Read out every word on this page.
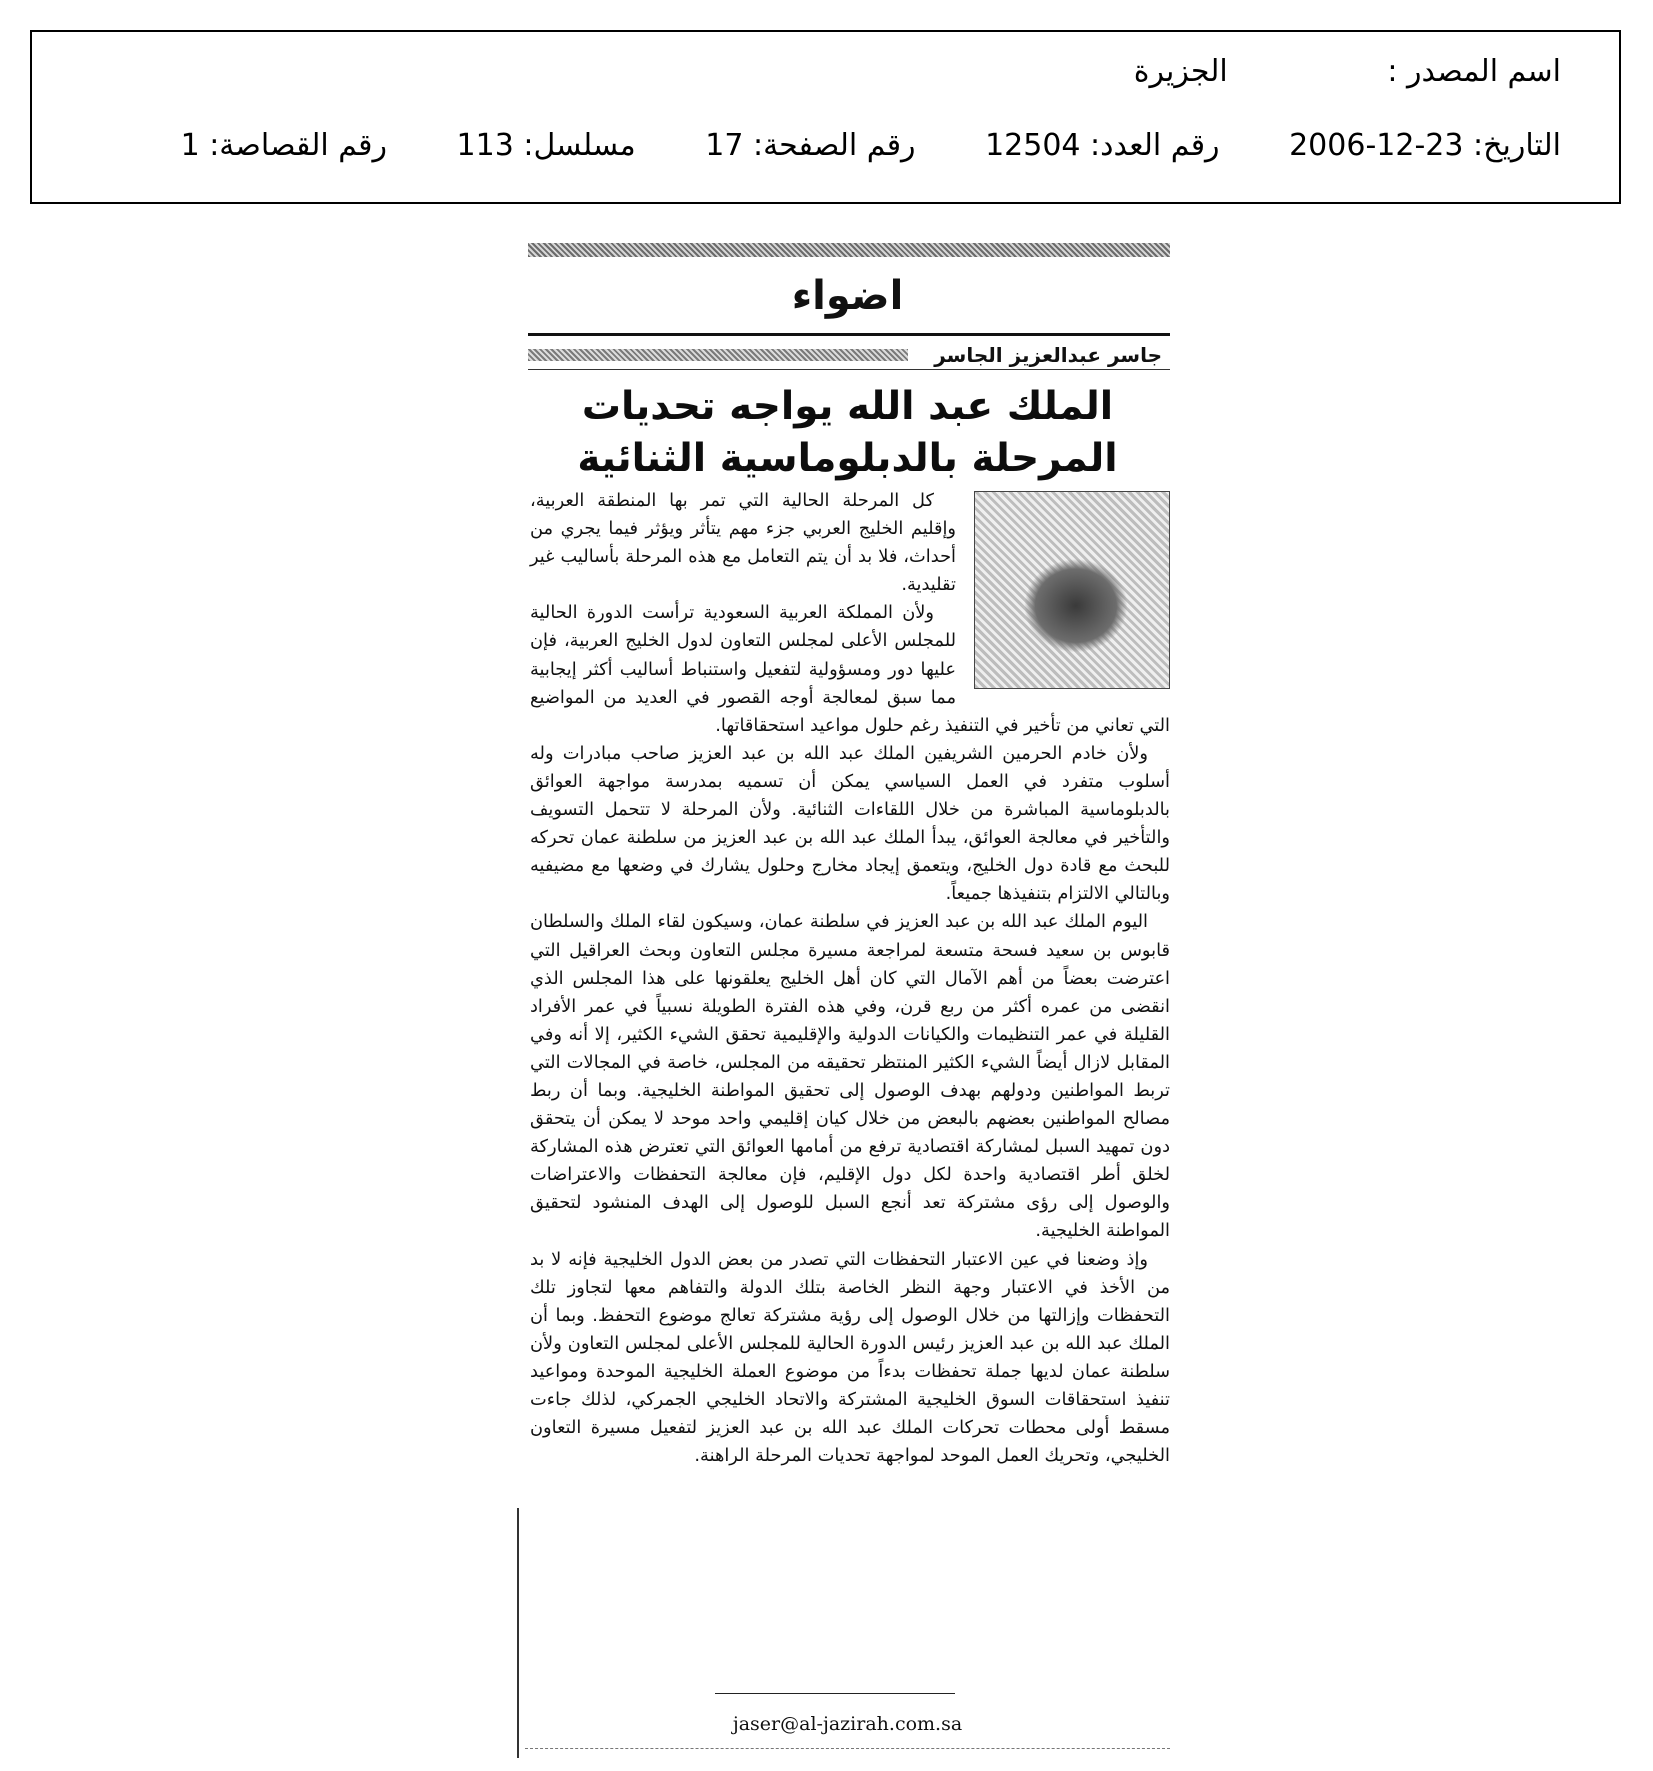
اسم المصدر : الجزيرة
التاريخ: 23-12-2006 رقم العدد: 12504 رقم الصفحة: 17 مسلسل: 113 رقم القصاصة: 1
اضواء
جاسر عبدالعزيز الجاسر
الملك عبد الله يواجه تحديات
المرحلة بالدبلوماسية الثنائية

كل المرحلة الحالية التي تمر بها المنطقة العربية، وإقليم الخليج العربي جزء مهم يتأثر ويؤثر فيما يجري من أحداث، فلا بد أن يتم التعامل مع هذه المرحلة بأساليب غير تقليدية.

ولأن المملكة العربية السعودية ترأست الدورة الحالية للمجلس الأعلى لمجلس التعاون لدول الخليج العربية، فإن عليها دور ومسؤولية لتفعيل واستنباط أساليب أكثر إيجابية مما سبق لمعالجة أوجه القصور في العديد من المواضيع التي تعاني من تأخير في التنفيذ رغم حلول مواعيد استحقاقاتها.

ولأن خادم الحرمين الشريفين الملك عبد الله بن عبد العزيز صاحب مبادرات وله أسلوب متفرد في العمل السياسي يمكن أن تسميه بمدرسة مواجهة العوائق بالدبلوماسية المباشرة من خلال اللقاءات الثنائية. ولأن المرحلة لا تتحمل التسويف والتأخير في معالجة العوائق، يبدأ الملك عبد الله بن عبد العزيز من سلطنة عمان تحركه للبحث مع قادة دول الخليج، ويتعمق إيجاد مخارج وحلول يشارك في وضعها مع مضيفيه وبالتالي الالتزام بتنفيذها جميعاً.

اليوم الملك عبد الله بن عبد العزيز في سلطنة عمان، وسيكون لقاء الملك والسلطان قابوس بن سعيد فسحة متسعة لمراجعة مسيرة مجلس التعاون وبحث العراقيل التي اعترضت بعضاً من أهم الآمال التي كان أهل الخليج يعلقونها على هذا المجلس الذي انقضى من عمره أكثر من ربع قرن، وفي هذه الفترة الطويلة نسبياً في عمر الأفراد القليلة في عمر التنظيمات والكيانات الدولية والإقليمية تحقق الشيء الكثير، إلا أنه وفي المقابل لازال أيضاً الشيء الكثير المنتظر تحقيقه من المجلس، خاصة في المجالات التي تربط المواطنين ودولهم بهدف الوصول إلى تحقيق المواطنة الخليجية. وبما أن ربط مصالح المواطنين بعضهم بالبعض من خلال كيان إقليمي واحد موحد لا يمكن أن يتحقق دون تمهيد السبل لمشاركة اقتصادية ترفع من أمامها العوائق التي تعترض هذه المشاركة لخلق أطر اقتصادية واحدة لكل دول الإقليم، فإن معالجة التحفظات والاعتراضات والوصول إلى رؤى مشتركة تعد أنجع السبل للوصول إلى الهدف المنشود لتحقيق المواطنة الخليجية.

وإذ وضعنا في عين الاعتبار التحفظات التي تصدر من بعض الدول الخليجية فإنه لا بد من الأخذ في الاعتبار وجهة النظر الخاصة بتلك الدولة والتفاهم معها لتجاوز تلك التحفظات وإزالتها من خلال الوصول إلى رؤية مشتركة تعالج موضوع التحفظ. وبما أن الملك عبد الله بن عبد العزيز رئيس الدورة الحالية للمجلس الأعلى لمجلس التعاون ولأن سلطنة عمان لديها جملة تحفظات بدءاً من موضوع العملة الخليجية الموحدة ومواعيد تنفيذ استحقاقات السوق الخليجية المشتركة والاتحاد الخليجي الجمركي، لذلك جاءت مسقط أولى محطات تحركات الملك عبد الله بن عبد العزيز لتفعيل مسيرة التعاون الخليجي، وتحريك العمل الموحد لمواجهة تحديات المرحلة الراهنة.

jaser@al-jazirah.com.sa
